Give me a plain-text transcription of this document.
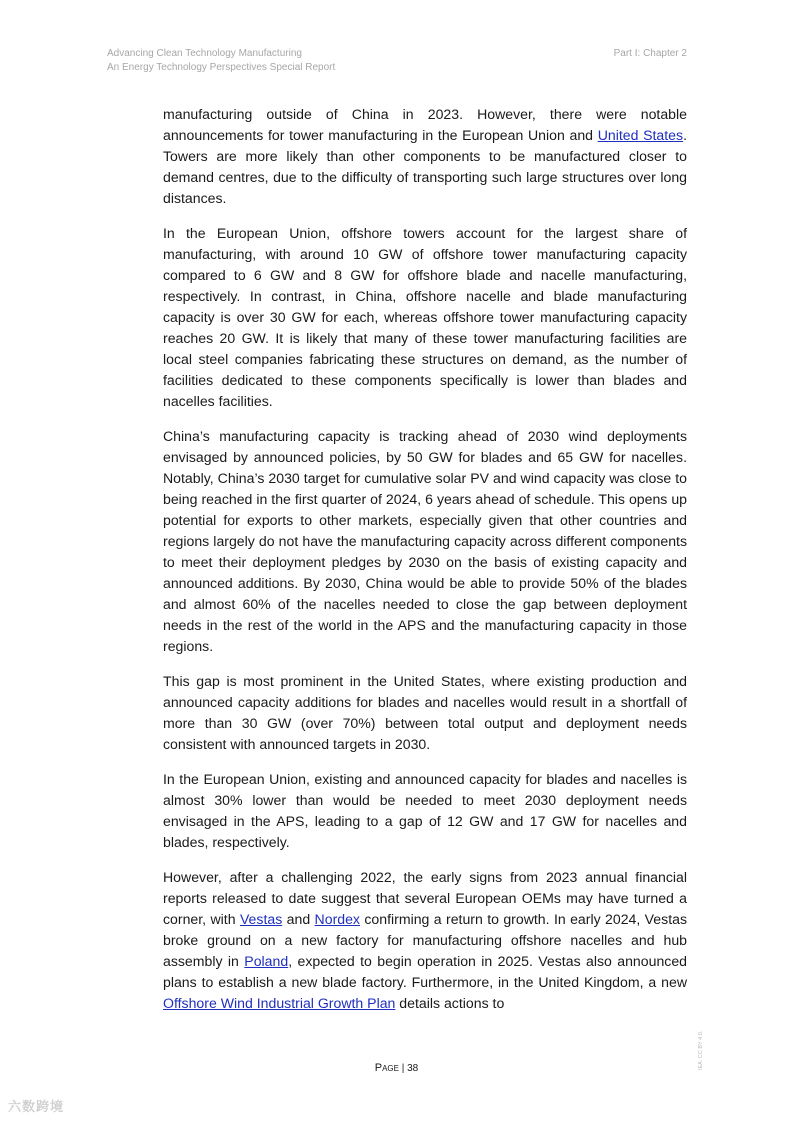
Advancing Clean Technology Manufacturing
An Energy Technology Perspectives Special Report
Part I: Chapter 2

manufacturing outside of China in 2023. However, there were notable announcements for tower manufacturing in the European Union and United States. Towers are more likely than other components to be manufactured closer to demand centres, due to the difficulty of transporting such large structures over long distances.

In the European Union, offshore towers account for the largest share of manufacturing, with around 10 GW of offshore tower manufacturing capacity compared to 6 GW and 8 GW for offshore blade and nacelle manufacturing, respectively. In contrast, in China, offshore nacelle and blade manufacturing capacity is over 30 GW for each, whereas offshore tower manufacturing capacity reaches 20 GW. It is likely that many of these tower manufacturing facilities are local steel companies fabricating these structures on demand, as the number of facilities dedicated to these components specifically is lower than blades and nacelles facilities.

China’s manufacturing capacity is tracking ahead of 2030 wind deployments envisaged by announced policies, by 50 GW for blades and 65 GW for nacelles. Notably, China’s 2030 target for cumulative solar PV and wind capacity was close to being reached in the first quarter of 2024, 6 years ahead of schedule. This opens up potential for exports to other markets, especially given that other countries and regions largely do not have the manufacturing capacity across different components to meet their deployment pledges by 2030 on the basis of existing capacity and announced additions. By 2030, China would be able to provide 50% of the blades and almost 60% of the nacelles needed to close the gap between deployment needs in the rest of the world in the APS and the manufacturing capacity in those regions.

This gap is most prominent in the United States, where existing production and announced capacity additions for blades and nacelles would result in a shortfall of more than 30 GW (over 70%) between total output and deployment needs consistent with announced targets in 2030.

In the European Union, existing and announced capacity for blades and nacelles is almost 30% lower than would be needed to meet 2030 deployment needs envisaged in the APS, leading to a gap of 12 GW and 17 GW for nacelles and blades, respectively.

However, after a challenging 2022, the early signs from 2023 annual financial reports released to date suggest that several European OEMs may have turned a corner, with Vestas and Nordex confirming a return to growth. In early 2024, Vestas broke ground on a new factory for manufacturing offshore nacelles and hub assembly in Poland, expected to begin operation in 2025. Vestas also announced plans to establish a new blade factory. Furthermore, in the United Kingdom, a new Offshore Wind Industrial Growth Plan details actions to

IEA. CC BY 4.0.
Page | 38
六数跨境
